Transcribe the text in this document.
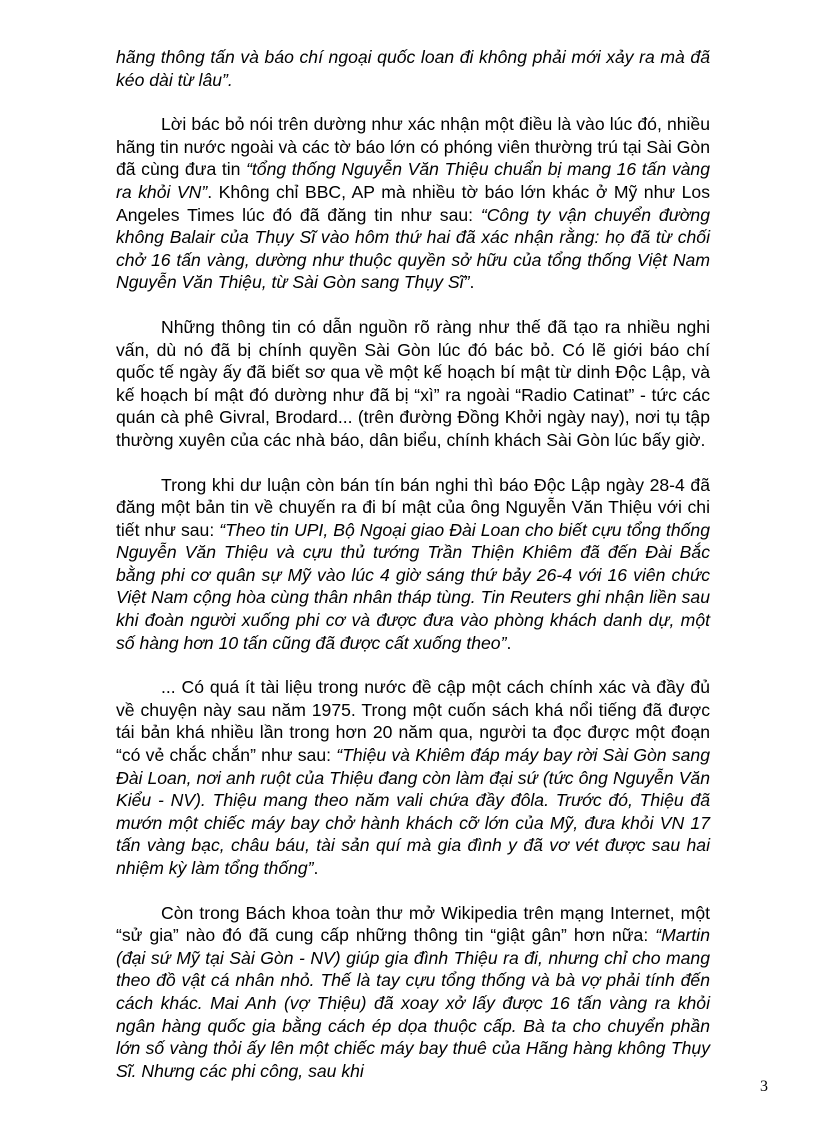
hãng thông tấn và báo chí ngoại quốc loan đi không phải mới xảy ra mà đã kéo dài từ lâu”.

Lời bác bỏ nói trên dường như xác nhận một điều là vào lúc đó, nhiều hãng tin nước ngoài và các tờ báo lớn có phóng viên thường trú tại Sài Gòn đã cùng đưa tin “tổng thống Nguyễn Văn Thiệu chuẩn bị mang 16 tấn vàng ra khỏi VN”. Không chỉ BBC, AP mà nhiều tờ báo lớn khác ở Mỹ như Los Angeles Times lúc đó đã đăng tin như sau: “Công ty vận chuyển đường không Balair của Thụy Sĩ vào hôm thứ hai đã xác nhận rằng: họ đã từ chối chở 16 tấn vàng, dường như thuộc quyền sở hữu của tổng thống Việt Nam Nguyễn Văn Thiệu, từ Sài Gòn sang Thụy Sĩ”.

Những thông tin có dẫn nguồn rõ ràng như thế đã tạo ra nhiều nghi vấn, dù nó đã bị chính quyền Sài Gòn lúc đó bác bỏ. Có lẽ giới báo chí quốc tế ngày ấy đã biết sơ qua về một kế hoạch bí mật từ dinh Độc Lập, và kế hoạch bí mật đó dường như đã bị “xì” ra ngoài “Radio Catinat” - tức các quán cà phê Givral, Brodard... (trên đường Đồng Khởi ngày nay), nơi tụ tập thường xuyên của các nhà báo, dân biểu, chính khách Sài Gòn lúc bấy giờ.

Trong khi dư luận còn bán tín bán nghi thì báo Độc Lập ngày 28-4 đã đăng một bản tin về chuyến ra đi bí mật của ông Nguyễn Văn Thiệu với chi tiết như sau: “Theo tin UPI, Bộ Ngoại giao Đài Loan cho biết cựu tổng thống Nguyễn Văn Thiệu và cựu thủ tướng Trần Thiện Khiêm đã đến Đài Bắc bằng phi cơ quân sự Mỹ vào lúc 4 giờ sáng thứ bảy 26-4 với 16 viên chức Việt Nam cộng hòa cùng thân nhân tháp tùng. Tin Reuters ghi nhận liền sau khi đoàn người xuống phi cơ và được đưa vào phòng khách danh dự, một số hàng hơn 10 tấn cũng đã được cất xuống theo”.

... Có quá ít tài liệu trong nước đề cập một cách chính xác và đầy đủ về chuyện này sau năm 1975. Trong một cuốn sách khá nổi tiếng đã được tái bản khá nhiều lần trong hơn 20 năm qua, người ta đọc được một đoạn “có vẻ chắc chắn” như sau: “Thiệu và Khiêm đáp máy bay rời Sài Gòn sang Đài Loan, nơi anh ruột của Thiệu đang còn làm đại sứ (tức ông Nguyễn Văn Kiểu - NV). Thiệu mang theo năm vali chứa đầy đôla. Trước đó, Thiệu đã mướn một chiếc máy bay chở hành khách cỡ lớn của Mỹ, đưa khỏi VN 17 tấn vàng bạc, châu báu, tài sản quí mà gia đình y đã vơ vét được sau hai nhiệm kỳ làm tổng thống”.

Còn trong Bách khoa toàn thư mở Wikipedia trên mạng Internet, một “sử gia” nào đó đã cung cấp những thông tin “giật gân” hơn nữa: “Martin (đại sứ Mỹ tại Sài Gòn - NV) giúp gia đình Thiệu ra đi, nhưng chỉ cho mang theo đồ vật cá nhân nhỏ. Thế là tay cựu tổng thống và bà vợ phải tính đến cách khác. Mai Anh (vợ Thiệu) đã xoay xở lấy được 16 tấn vàng ra khỏi ngân hàng quốc gia bằng cách ép dọa thuộc cấp. Bà ta cho chuyển phần lớn số vàng thỏi ấy lên một chiếc máy bay thuê của Hãng hàng không Thụy Sĩ. Nhưng các phi công, sau khi

3
